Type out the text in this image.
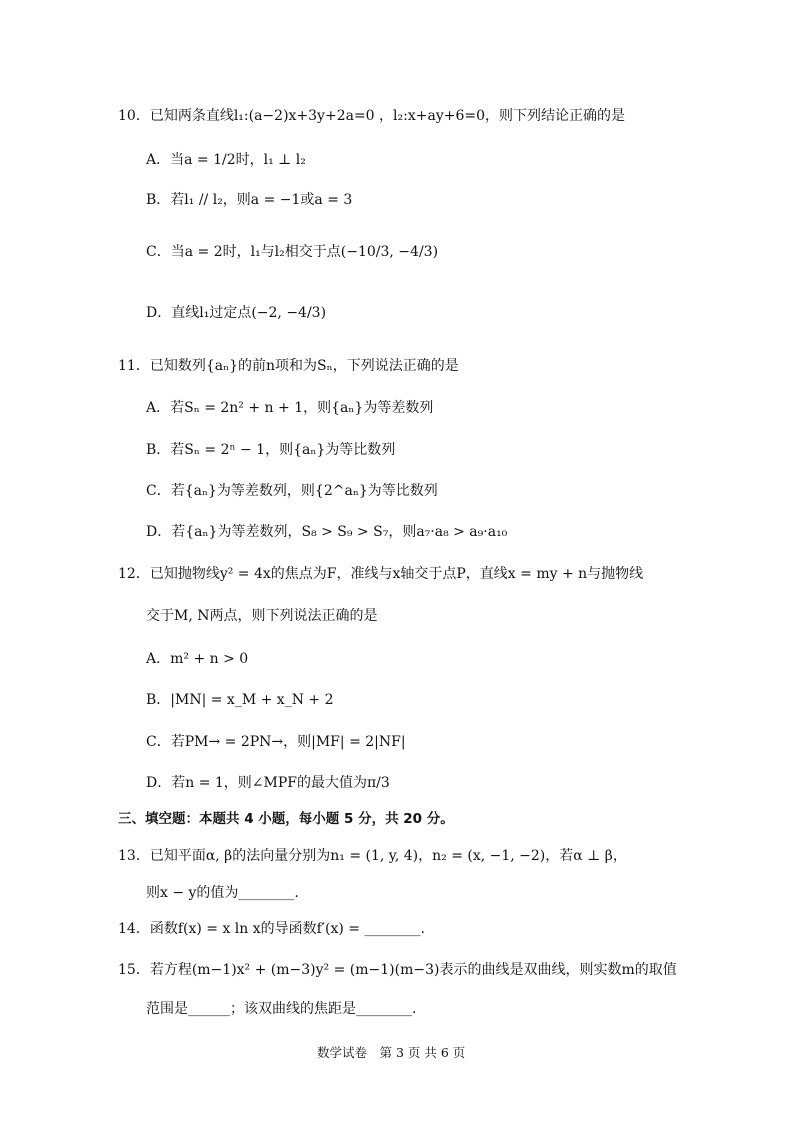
10．已知两条直线l₁:(a−2)x+3y+2a=0 ，l₂:x+ay+6=0，则下列结论正确的是
A．当a = 1/2时，l₁ ⊥ l₂
B．若l₁ // l₂，则a = −1或a = 3
C．当a = 2时，l₁与l₂相交于点(−10/3, −4/3)
D．直线l₁过定点(−2, −4/3)
11．已知数列{aₙ}的前n项和为Sₙ，下列说法正确的是
A．若Sₙ = 2n² + n + 1，则{aₙ}为等差数列
B．若Sₙ = 2ⁿ − 1，则{aₙ}为等比数列
C．若{aₙ}为等差数列，则{2^aₙ}为等比数列
D．若{aₙ}为等差数列，S₈ > S₉ > S₇，则a₇·a₈ > a₉·a₁₀
12．已知抛物线y² = 4x的焦点为F，准线与x轴交于点P，直线x = my + n与抛物线
交于M, N两点，则下列说法正确的是
A．m² + n > 0
B．|MN| = x_M + x_N + 2
C．若PM→ = 2PN→，则|MF| = 2|NF|
D．若n = 1，则∠MPF的最大值为π/3
三、填空题：本题共 4 小题，每小题 5 分，共 20 分。
13．已知平面α, β的法向量分别为n₁ = (1, y, 4)，n₂ = (x, −1, −2)，若α ⊥ β，
则x − y的值为________.
14．函数f(x) = x ln x的导函数f′(x) = ________.
15．若方程(m−1)x² + (m−3)y² = (m−1)(m−3)表示的曲线是双曲线，则实数m的取值
范围是______；该双曲线的焦距是________.
数学试卷　第 3 页 共 6 页
